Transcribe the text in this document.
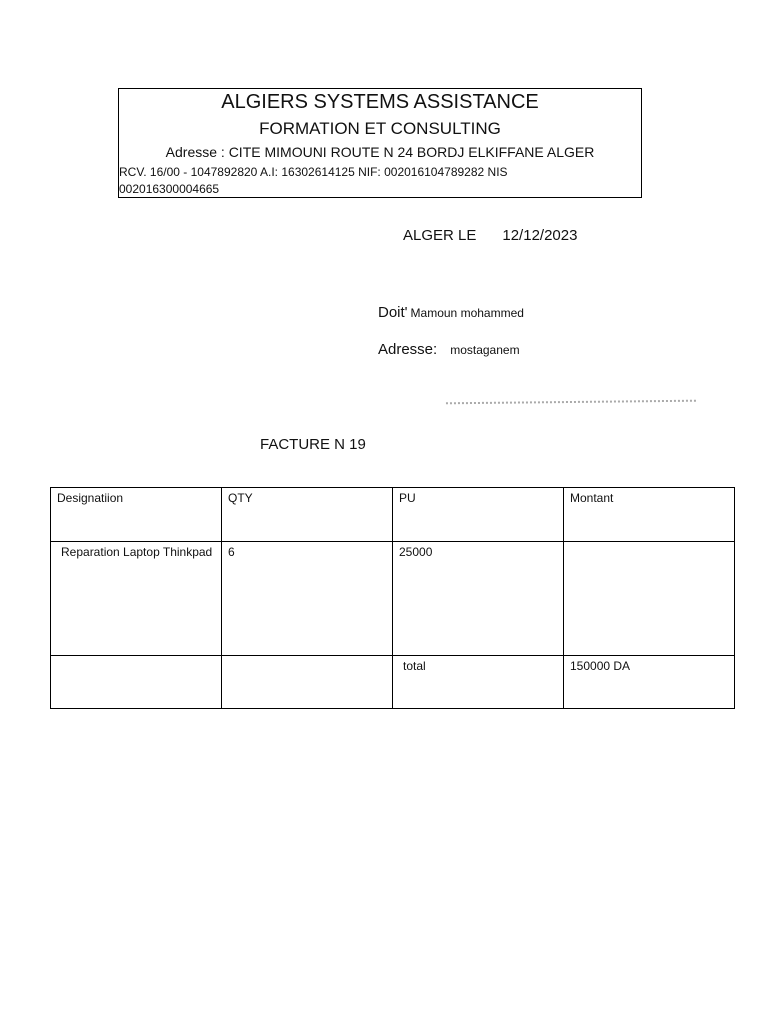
ALGIERS SYSTEMS ASSISTANCE
FORMATION ET CONSULTING
Adresse : CITE MIMOUNI ROUTE N 24 BORDJ ELKIFFANE ALGER
RCV. 16/00 - 1047892820 A.I: 16302614125 NIF: 002016104789282 NIS 002016300004665
ALGER LE 12/12/2023
Doit' Mamoun mohammed
Adresse: mostaganem
FACTURE N 19
Designatiion	QTY	PU	Montant
Reparation Laptop Thinkpad	6	25000	
		total	150000 DA
